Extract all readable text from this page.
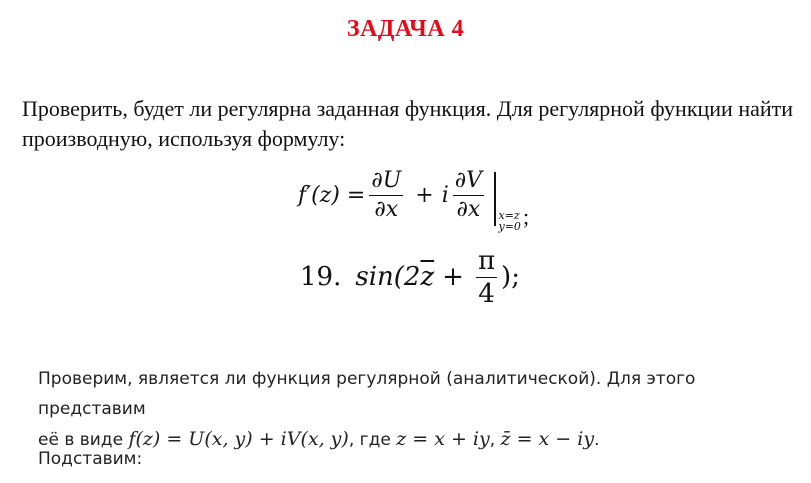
ЗАДАЧА 4
Проверить, будет ли регулярна заданная функция. Для регулярной функции найти производную, используя формулу:
$f'(z) = \frac{\partial U}{\partial x} + i \frac{\partial V}{\partial x} x=z$
y=0 ;
19. sin(2 $\overline{z} + \frac{\pi}{4}$ );
Проверим, является ли функция регулярной (аналитической). Для этого представим
её в виде f(z) = U(x, y) + iV(x, y), где z = x + iy, z̄ = x − iy.
Подставим:
